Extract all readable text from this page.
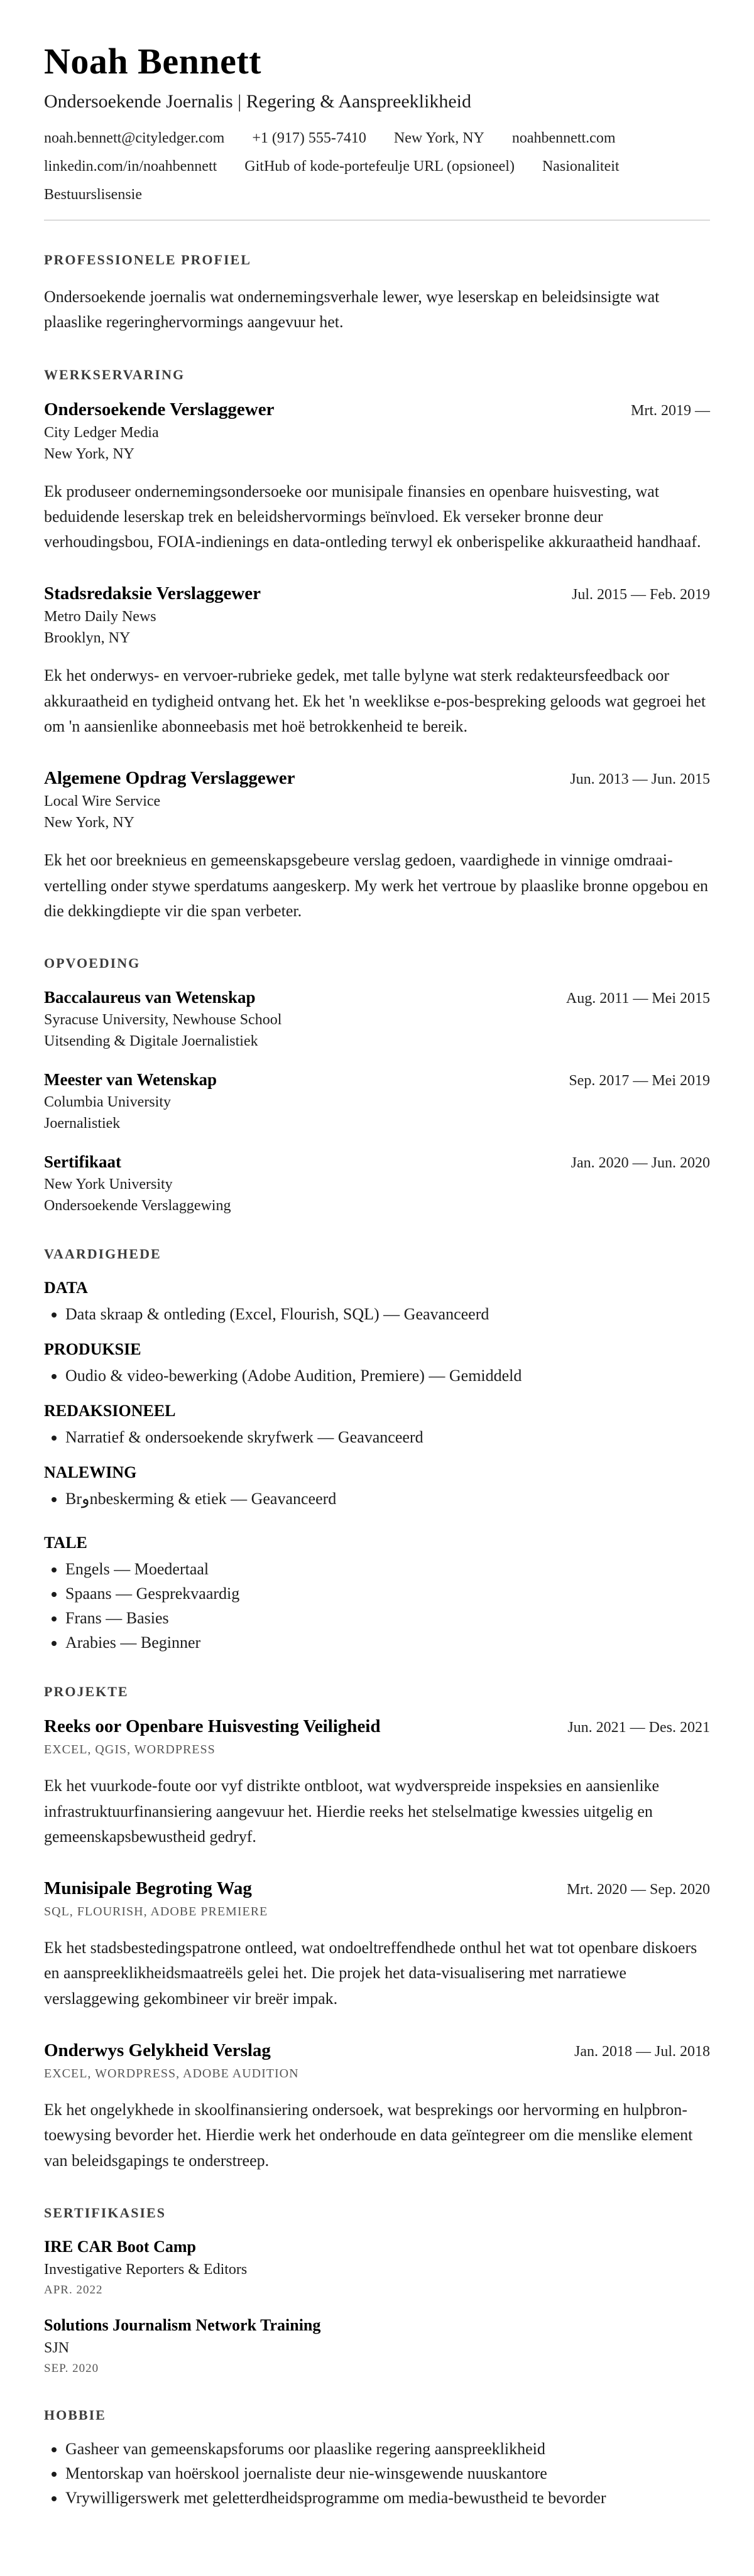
Noah Bennett
Ondersoekende Joernalis | Regering & Aanspreeklikheid
noah.bennett@cityledger.com +1 (917) 555-7410 New York, NY noahbennett.com
linkedin.com/in/noahbennett GitHub of kode-portefeulje URL (opsioneel) Nasionaliteit
Bestuurslisensie
PROFESSIONELE PROFIEL

Ondersoekende joernalis wat ondernemingsverhale lewer, wye leserskap en beleidsinsigte wat plaaslike regeringhervormings aangevuur het.

WERKSERVARING
Ondersoekende Verslaggewer	Mrt. 2019 —
City Ledger Media
New York, NY

Ek produseer ondernemingsondersoeke oor munisipale finansies en openbare huisvesting, wat beduidende leserskap trek en beleidshervormings beïnvloed. Ek verseker bronne deur verhoudingsbou, FOIA-indienings en data-ontleding terwyl ek onberispelike akkuraatheid handhaaf.

Stadsredaksie Verslaggewer	Jul. 2015 — Feb. 2019
Metro Daily News
Brooklyn, NY

Ek het onderwys- en vervoer-rubrieke gedek, met talle bylyne wat sterk redakteursfeedback oor akkuraatheid en tydigheid ontvang het. Ek het 'n weeklikse e-pos-bespreking geloods wat gegroei het om 'n aansienlike abonneebasis met hoë betrokkenheid te bereik.

Algemene Opdrag Verslaggewer	Jun. 2013 — Jun. 2015
Local Wire Service
New York, NY

Ek het oor breeknieus en gemeenskapsgebeure verslag gedoen, vaardighede in vinnige omdraai-vertelling onder stywe sperdatums aangeskerp. My werk het vertroue by plaaslike bronne opgebou en die dekkingdiepte vir die span verbeter.

OPVOEDING
Baccalaureus van Wetenskap	Aug. 2011 — Mei 2015
Syracuse University, Newhouse School
Uitsending & Digitale Joernalistiek
Meester van Wetenskap	Sep. 2017 — Mei 2019
Columbia University
Joernalistiek
Sertifikaat	Jan. 2020 — Jun. 2020
New York University
Ondersoekende Verslaggewing
VAARDIGHEDE
DATA
• Data skraap & ontleding (Excel, Flourish, SQL) — Geavanceerd
PRODUKSIE
• Oudio & video-bewerking (Adobe Audition, Premiere) — Gemiddeld
REDAKSIONEEL
• Narratief & ondersoekende skryfwerk — Geavanceerd
NALEWING
• Brوnbeskerming & etiek — Geavanceerd
TALE
• Engels — Moedertaal
• Spaans — Gesprekvaardig
• Frans — Basies
• Arabies — Beginner
PROJEKTE
Reeks oor Openbare Huisvesting Veiligheid	Jun. 2021 — Des. 2021
EXCEL, QGIS, WORDPRESS

Ek het vuurkode-foute oor vyf distrikte ontbloot, wat wydverspreide inspeksies en aansienlike infrastruktuurfinansiering aangevuur het. Hierdie reeks het stelselmatige kwessies uitgelig en gemeenskapsbewustheid gedryf.

Munisipale Begroting Wag	Mrt. 2020 — Sep. 2020
SQL, FLOURISH, ADOBE PREMIERE

Ek het stadsbestedingspatrone ontleed, wat ondoeltreffendhede onthul het wat tot openbare diskoers en aanspreeklikheidsmaatreëls gelei het. Die projek het data-visualisering met narratiewe verslaggewing gekombineer vir breër impak.

Onderwys Gelykheid Verslag	Jan. 2018 — Jul. 2018
EXCEL, WORDPRESS, ADOBE AUDITION

Ek het ongelykhede in skoolfinansiering ondersoek, wat besprekings oor hervorming en hulpbron-toewysing bevorder het. Hierdie werk het onderhoude en data geïntegreer om die menslike element van beleidsgapings te onderstreep.

SERTIFIKASIES
IRE CAR Boot Camp
Investigative Reporters & Editors
APR. 2022
Solutions Journalism Network Training
SJN
SEP. 2020
HOBBIE
• Gasheer van gemeenskapsforums oor plaaslike regering aanspreeklikheid
• Mentorskap van hoërskool joernaliste deur nie-winsgewende nuuskantore
• Vrywilligerswerk met geletterdheidsprogramme om media-bewustheid te bevorder
